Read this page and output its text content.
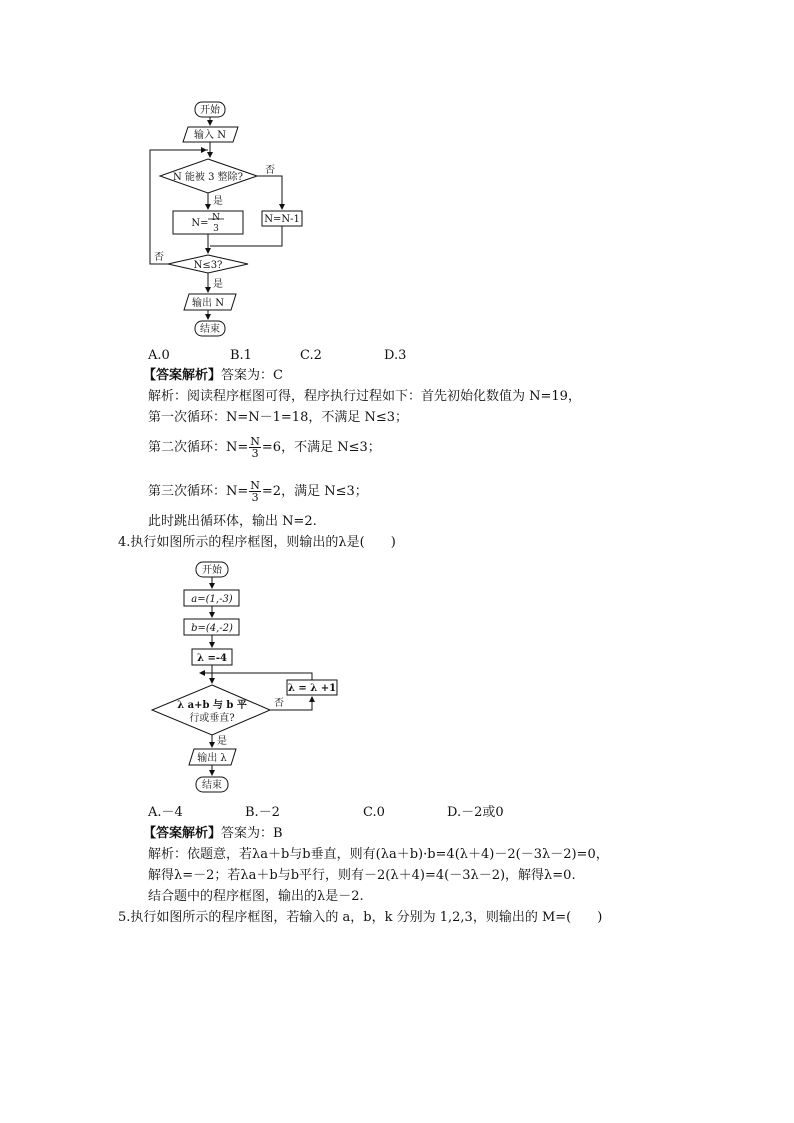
开始
输入 N
N 能被 3 整除?
否
是
N= N
3
N=N-1
N≤3?
否
是
输出 N
结束
A.0	B.1	C.2	D.3
【答案解析】答案为：C
解析：阅读程序框图可得，程序执行过程如下：首先初始化数值为 N=19，
第一次循环：N=N－1=18，不满足 N≤3；
第二次循环：$N= \frac{N}{3} =6$，不满足 N≤3；
第三次循环：$N= \frac{N}{3} =2$，满足 N≤3；
此时跳出循环体，输出 N=2.
4.执行如图所示的程序框图，则输出的λ是(　　)
开始
a=(1,-3)
b=(4,-2)
λ =-4
λ a+b 与 b 平
行或垂直?
否
λ = λ +1
是
输出 λ
结束
A.－4	B.－2	C.0	D.－2或0
【答案解析】答案为：B
解析：依题意，若λa＋b与b垂直，则有(λa＋b)·b=4(λ＋4)－2(－3λ－2)=0，
解得λ=－2；若λa＋b与b平行，则有－2(λ＋4)=4(－3λ－2)，解得λ=0.
结合题中的程序框图，输出的λ是－2.
5.执行如图所示的程序框图，若输入的 a，b，k 分别为 1,2,3，则输出的 M=(　　)
